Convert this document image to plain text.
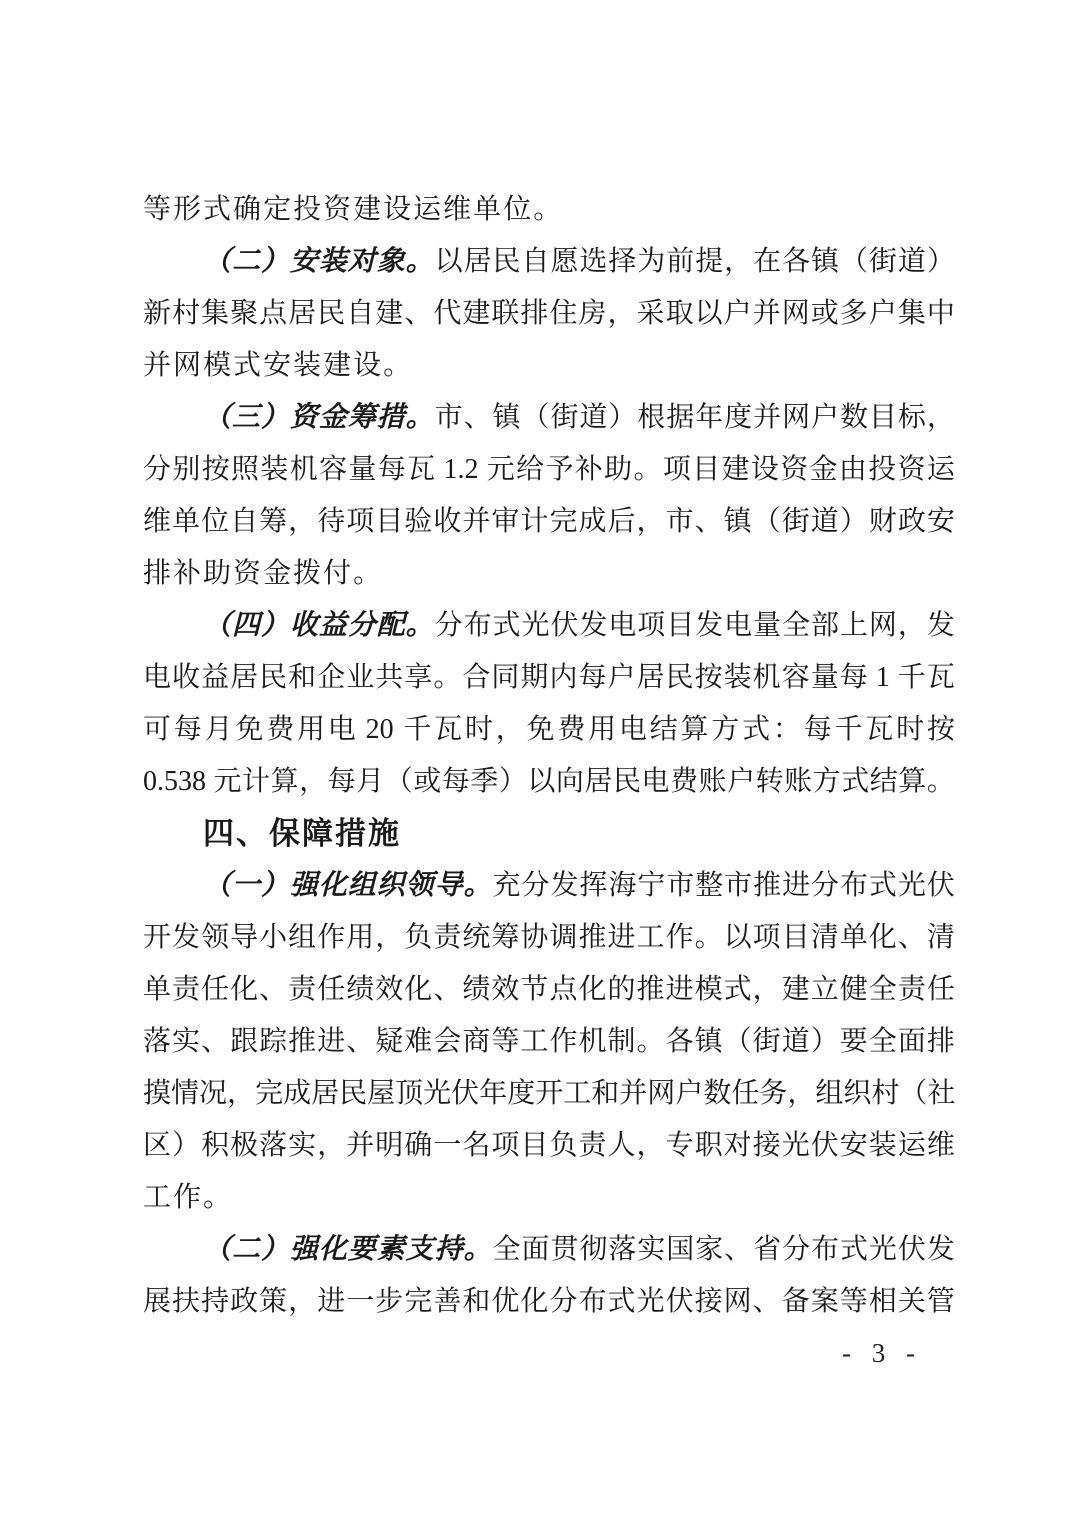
等 形 式 确 定 投 资 建 设 运 维 单 位 。
（ 二 ） 安 装 对 象 。 以 居 民 自 愿 选 择 为 前 提 ， 在 各 镇 （ 街 道 ）
新 村 集 聚 点 居 民 自 建 、 代 建 联 排 住 房 ， 采 取 以 户 并 网 或 多 户 集 中
并 网 模 式 安 装 建 设 。
（ 三 ） 资 金 筹 措 。 市 、 镇 （ 街 道 ） 根 据 年 度 并 网 户 数 目 标 ，
分 别 按 照 装 机 容 量 每 瓦 1.2 元 给 予 补 助 。 项 目 建 设 资 金 由 投 资 运
维 单 位 自 筹 ， 待 项 目 验 收 并 审 计 完 成 后 ， 市 、 镇 （ 街 道 ） 财 政 安
排 补 助 资 金 拨 付 。
（ 四 ） 收 益 分 配 。 分 布 式 光 伏 发 电 项 目 发 电 量 全 部 上 网 ， 发
电 收 益 居 民 和 企 业 共 享 。 合 同 期 内 每 户 居 民 按 装 机 容 量 每 1 千 瓦
可 每 月 免 费 用 电 20 千 瓦 时 ， 免 费 用 电 结 算 方 式 ： 每 千 瓦 时 按
0.538 元 计 算 ， 每 月 （ 或 每 季 ） 以 向 居 民 电 费 账 户 转 账 方 式 结 算 。
四 、 保 障 措 施
（ 一 ） 强 化 组 织 领 导 。 充 分 发 挥 海 宁 市 整 市 推 进 分 布 式 光 伏
开 发 领 导 小 组 作 用 ， 负 责 统 筹 协 调 推 进 工 作 。 以 项 目 清 单 化 、 清
单 责 任 化 、 责 任 绩 效 化 、 绩 效 节 点 化 的 推 进 模 式 ， 建 立 健 全 责 任
落 实 、 跟 踪 推 进 、 疑 难 会 商 等 工 作 机 制 。 各 镇 （ 街 道 ） 要 全 面 排
摸 情 况 ， 完 成 居 民 屋 顶 光 伏 年 度 开 工 和 并 网 户 数 任 务 ， 组 织 村 （ 社
区 ） 积 极 落 实 ， 并 明 确 一 名 项 目 负 责 人 ， 专 职 对 接 光 伏 安 装 运 维
工 作 。
（ 二 ） 强 化 要 素 支 持 。 全 面 贯 彻 落 实 国 家 、 省 分 布 式 光 伏 发
展 扶 持 政 策 ， 进 一 步 完 善 和 优 化 分 布 式 光 伏 接 网 、 备 案 等 相 关 管
- 3 -
